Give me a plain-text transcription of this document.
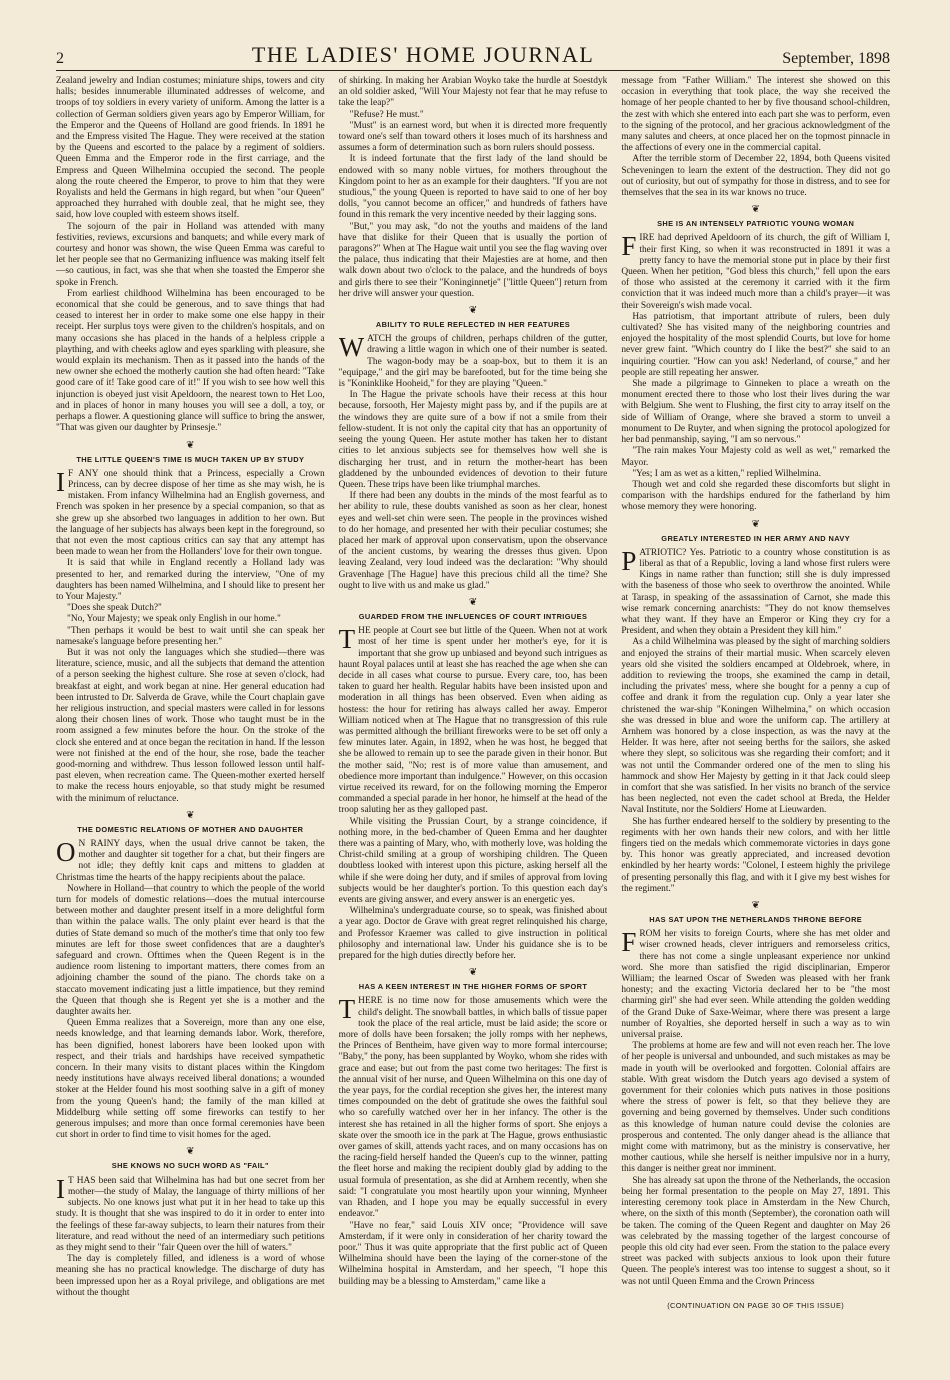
2	THE LADIES' HOME JOURNAL	September, 1898

Zealand jewelry and Indian costumes; miniature ships, towers and city halls; besides innumerable illuminated addresses of welcome, and troops of toy soldiers in every variety of uniform. Among the latter is a collection of German soldiers given years ago by Emperor William, for the Emperor and the Queens of Holland are good friends. In 1891 he and the Empress visited The Hague. They were received at the station by the Queens and escorted to the palace by a regiment of soldiers. Queen Emma and the Emperor rode in the first carriage, and the Empress and Queen Wilhelmina occupied the second. The people along the route cheered the Emperor, to prove to him that they were Royalists and held the Germans in high regard, but when "our Queen" approached they hurrahed with double zeal, that he might see, they said, how love coupled with esteem shows itself.

The sojourn of the pair in Holland was attended with many festivities, reviews, excursions and banquets; and while every mark of courtesy and honor was shown, the wise Queen Emma was careful to let her people see that no Germanizing influence was making itself felt—so cautious, in fact, was she that when she toasted the Emperor she spoke in French.

From earliest childhood Wilhelmina has been encouraged to be economical that she could be generous, and to save things that had ceased to interest her in order to make some one else happy in their receipt. Her surplus toys were given to the children's hospitals, and on many occasions she has placed in the hands of a helpless cripple a plaything, and with cheeks aglow and eyes sparkling with pleasure, she would explain its mechanism. Then as it passed into the hands of the new owner she echoed the motherly caution she had often heard: "Take good care of it! Take good care of it!" If you wish to see how well this injunction is obeyed just visit Apeldoorn, the nearest town to Het Loo, and in places of honor in many houses you will see a doll, a toy, or perhaps a flower. A questioning glance will suffice to bring the answer, "That was given our daughter by Prinsesje."

❦
THE LITTLE QUEEN'S TIME IS MUCH TAKEN UP BY STUDY

I F ANY one should think that a Princess, especially a Crown Princess, can by decree dispose of her time as she may wish, he is mistaken. From infancy Wilhelmina had an English governess, and French was spoken in her presence by a special companion, so that as she grew up she absorbed two languages in addition to her own. But the language of her subjects has always been kept in the foreground, so that not even the most captious critics can say that any attempt has been made to wean her from the Hollanders' love for their own tongue.

It is said that while in England recently a Holland lady was presented to her, and remarked during the interview, "One of my daughters has been named Wilhelmina, and I should like to present her to Your Majesty."

"Does she speak Dutch?"

"No, Your Majesty; we speak only English in our home."

"Then perhaps it would be best to wait until she can speak her namesake's language before presenting her."

But it was not only the languages which she studied—there was literature, science, music, and all the subjects that demand the attention of a person seeking the highest culture. She rose at seven o'clock, had breakfast at eight, and work began at nine. Her general education had been intrusted to Dr. Salverda de Grave, while the Court chaplain gave her religious instruction, and special masters were called in for lessons along their chosen lines of work. Those who taught must be in the room assigned a few minutes before the hour. On the stroke of the clock she entered and at once began the recitation in hand. If the lesson were not finished at the end of the hour, she rose, bade the teacher good-morning and withdrew. Thus lesson followed lesson until half-past eleven, when recreation came. The Queen-mother exerted herself to make the recess hours enjoyable, so that study might be resumed with the minimum of reluctance.

❦
THE DOMESTIC RELATIONS OF MOTHER AND DAUGHTER

O N RAINY days, when the usual drive cannot be taken, the mother and daughter sit together for a chat, but their fingers are not idle; they deftly knit caps and mittens to gladden at Christmas time the hearts of the happy recipients about the palace.

Nowhere in Holland—that country to which the people of the world turn for models of domestic relations—does the mutual intercourse between mother and daughter present itself in a more delightful form than within the palace walls. The only plaint ever heard is that the duties of State demand so much of the mother's time that only too few minutes are left for those sweet confidences that are a daughter's safeguard and crown. Ofttimes when the Queen Regent is in the audience room listening to important matters, there comes from an adjoining chamber the sound of the piano. The chords take on a staccato movement indicating just a little impatience, but they remind the Queen that though she is Regent yet she is a mother and the daughter awaits her.

Queen Emma realizes that a Sovereign, more than any one else, needs knowledge, and that learning demands labor. Work, therefore, has been dignified, honest laborers have been looked upon with respect, and their trials and hardships have received sympathetic concern. In their many visits to distant places within the Kingdom needy institutions have always received liberal donations; a wounded stoker at the Helder found his most soothing salve in a gift of money from the young Queen's hand; the family of the man killed at Middelburg while setting off some fireworks can testify to her generous impulses; and more than once formal ceremonies have been cut short in order to find time to visit homes for the aged.

❦
SHE KNOWS NO SUCH WORD AS "FAIL"

I T HAS been said that Wilhelmina has had but one secret from her mother—the study of Malay, the language of thirty millions of her subjects. No one knows just what put it in her head to take up this study. It is thought that she was inspired to do it in order to enter into the feelings of these far-away subjects, to learn their natures from their literature, and read without the need of an intermediary such petitions as they might send to their "fair Queen over the hill of waters."

The day is completely filled, and idleness is a word of whose meaning she has no practical knowledge. The discharge of duty has been impressed upon her as a Royal privilege, and obligations are met without the thought

of shirking. In making her Arabian Woyko take the hurdle at Soestdyk an old soldier asked, "Will Your Majesty not fear that he may refuse to take the leap?"

"Refuse? He must."

"Must" is an earnest word, but when it is directed more frequently toward one's self than toward others it loses much of its harshness and assumes a form of determination such as born rulers should possess.

It is indeed fortunate that the first lady of the land should be endowed with so many noble virtues, for mothers throughout the Kingdom point to her as an example for their daughters. "If you are not studious," the young Queen is reported to have said to one of her boy dolls, "you cannot become an officer," and hundreds of fathers have found in this remark the very incentive needed by their lagging sons.

"But," you may ask, "do not the youths and maidens of the land have that dislike for their Queen that is usually the portion of paragons?" When at The Hague wait until you see the flag waving over the palace, thus indicating that their Majesties are at home, and then walk down about two o'clock to the palace, and the hundreds of boys and girls there to see their "Koninginnetje" ["little Queen"] return from her drive will answer your question.

❦
ABILITY TO RULE REFLECTED IN HER FEATURES

WATCH the groups of children, perhaps children of the gutter, drawing a little wagon in which one of their number is seated. The wagon-body may be a soap-box, but to them it is an "equipage," and the girl may be barefooted, but for the time being she is "Koninklike Hooheid," for they are playing "Queen."

In The Hague the private schools have their recess at this hour because, forsooth, Her Majesty might pass by, and if the pupils are at the windows they are quite sure of a bow if not a smile from their fellow-student. It is not only the capital city that has an opportunity of seeing the young Queen. Her astute mother has taken her to distant cities to let anxious subjects see for themselves how well she is discharging her trust, and in return the mother-heart has been gladdened by the unbounded evidences of devotion to their future Queen. These trips have been like triumphal marches.

If there had been any doubts in the minds of the most fearful as to her ability to rule, these doubts vanished as soon as her clear, honest eyes and well-set chin were seen. The people in the provinces wished to do her homage, and presented her with their peculiar costumes; she placed her mark of approval upon conservatism, upon the observance of the ancient customs, by wearing the dresses thus given. Upon leaving Zealand, very loud indeed was the declaration: "Why should Gravenhage [The Hague] have this precious child all the time? She ought to live with us and make us glad."

❦
GUARDED FROM THE INFLUENCES OF COURT INTRIGUES

THE people at Court see but little of the Queen. When not at work most of her time is spent under her mother's eye, for it is important that she grow up unbiased and beyond such intrigues as haunt Royal palaces until at least she has reached the age when she can decide in all cases what course to pursue. Every care, too, has been taken to guard her health. Regular habits have been insisted upon and moderation in all things has been observed. Even when aiding as hostess: the hour for retiring has always called her away. Emperor William noticed when at The Hague that no transgression of this rule was permitted although the brilliant fireworks were to be set off only a few minutes later. Again, in 1892, when he was host, he begged that she be allowed to remain up to see the parade given in their honor. But the mother said, "No; rest is of more value than amusement, and obedience more important than indulgence." However, on this occasion virtue received its reward, for on the following morning the Emperor commanded a special parade in her honor, he himself at the head of the troop saluting her as they galloped past.

While visiting the Prussian Court, by a strange coincidence, if nothing more, in the bed-chamber of Queen Emma and her daughter there was a painting of Mary, who, with motherly love, was holding the Christ-child smiling at a group of worshiping children. The Queen doubtless looked with interest upon this picture, asking herself all the while if she were doing her duty, and if smiles of approval from loving subjects would be her daughter's portion. To this question each day's events are giving answer, and every answer is an energetic yes.

Wilhelmina's undergraduate course, so to speak, was finished about a year ago. Doctor de Grave with great regret relinquished his charge, and Professor Kraemer was called to give instruction in political philosophy and international law. Under his guidance she is to be prepared for the high duties directly before her.

❦
HAS A KEEN INTEREST IN THE HIGHER FORMS OF SPORT

THERE is no time now for those amusements which were the child's delight. The snowball battles, in which balls of tissue paper took the place of the real article, must be laid aside; the score or more of dolls have been forsaken; the jolly romps with her nephews, the Princes of Bentheim, have given way to more formal intercourse; "Baby," the pony, has been supplanted by Woyko, whom she rides with grace and ease; but out from the past come two heritages: The first is the annual visit of her nurse, and Queen Wilhelmina on this one day of the year pays, for the cordial reception she gives her, the interest many times compounded on the debt of gratitude she owes the faithful soul who so carefully watched over her in her infancy. The other is the interest she has retained in all the higher forms of sport. She enjoys a skate over the smooth ice in the park at The Hague, grows enthusiastic over games of skill, attends yacht races, and on many occasions has on the racing-field herself handed the Queen's cup to the winner, patting the fleet horse and making the recipient doubly glad by adding to the usual formula of presentation, as she did at Arnhem recently, when she said: "I congratulate you most heartily upon your winning, Mynheer van Rhaden, and I hope you may be equally successful in every endeavor."

"Have no fear," said Louis XIV once; "Providence will save Amsterdam, if it were only in consideration of her charity toward the poor." Thus it was quite appropriate that the first public act of Queen Wilhelmina should have been the laying of the corner-stone of the Wilhelmina hospital in Amsterdam, and her speech, "I hope this building may be a blessing to Amsterdam," came like a

message from "Father William." The interest she showed on this occasion in everything that took place, the way she received the homage of her people chanted to her by five thousand school-children, the zest with which she entered into each part she was to perform, even to the signing of the protocol, and her gracious acknowledgment of the many salutes and cheers, at once placed her on the topmost pinnacle in the affections of every one in the commercial capital.

After the terrible storm of December 22, 1894, both Queens visited Scheveningen to learn the extent of the destruction. They did not go out of curiosity, but out of sympathy for those in distress, and to see for themselves that the sea in its war knows no truce.

❦
SHE IS AN INTENSELY PATRIOTIC YOUNG WOMAN

FIRE had deprived Apeldoorn of its church, the gift of William I, their first King, so when it was reconstructed in 1891 it was a pretty fancy to have the memorial stone put in place by their first Queen. When her petition, "God bless this church," fell upon the ears of those who assisted at the ceremony it carried with it the firm conviction that it was indeed much more than a child's prayer—it was their Sovereign's wish made vocal.

Has patriotism, that important attribute of rulers, been duly cultivated? She has visited many of the neighboring countries and enjoyed the hospitality of the most splendid Courts, but love for home never grew faint. "Which country do I like the best?" she said to an inquiring courtier. "How can you ask! Nederland, of course," and her people are still repeating her answer.

She made a pilgrimage to Ginneken to place a wreath on the monument erected there to those who lost their lives during the war with Belgium. She went to Flushing, the first city to array itself on the side of William of Orange, where she braved a storm to unveil a monument to De Ruyter, and when signing the protocol apologized for her bad penmanship, saying, "I am so nervous."

"The rain makes Your Majesty cold as well as wet," remarked the Mayor.

"Yes; I am as wet as a kitten," replied Wilhelmina.

Though wet and cold she regarded these discomforts but slight in comparison with the hardships endured for the fatherland by him whose memory they were honoring.

❦
GREATLY INTERESTED IN HER ARMY AND NAVY

PATRIOTIC? Yes. Patriotic to a country whose constitution is as liberal as that of a Republic, loving a land whose first rulers were Kings in name rather than function; still she is duly impressed with the baseness of those who seek to overthrow the anointed. While at Tarasp, in speaking of the assassination of Carnot, she made this wise remark concerning anarchists: "They do not know themselves what they want. If they have an Emperor or King they cry for a President, and when they obtain a President they kill him."

As a child Wilhelmina was pleased by the sight of marching soldiers and enjoyed the strains of their martial music. When scarcely eleven years old she visited the soldiers encamped at Oldebroek, where, in addition to reviewing the troops, she examined the camp in detail, including the privates' mess, where she bought for a penny a cup of coffee and drank it from the regulation cup. Only a year later she christened the war-ship "Koningen Wilhelmina," on which occasion she was dressed in blue and wore the uniform cap. The artillery at Arnhem was honored by a close inspection, as was the navy at the Helder. It was here, after not seeing berths for the sailors, she asked where they slept, so solicitous was she regarding their comfort; and it was not until the Commander ordered one of the men to sling his hammock and show Her Majesty by getting in it that Jack could sleep in comfort that she was satisfied. In her visits no branch of the service has been neglected, not even the cadet school at Breda, the Helder Naval Institute, nor the Soldiers' Home at Lieuwarden.

She has further endeared herself to the soldiery by presenting to the regiments with her own hands their new colors, and with her little fingers tied on the medals which commemorate victories in days gone by. This honor was greatly appreciated, and increased devotion enkindled by her hearty words: "Colonel, I esteem highly the privilege of presenting personally this flag, and with it I give my best wishes for the regiment."

❦
HAS SAT UPON THE NETHERLANDS THRONE BEFORE

FROM her visits to foreign Courts, where she has met older and wiser crowned heads, clever intriguers and remorseless critics, there has not come a single unpleasant experience nor unkind word. She more than satisfied the rigid disciplinarian, Emperor William; the learned Oscar of Sweden was pleased with her frank honesty; and the exacting Victoria declared her to be "the most charming girl" she had ever seen. While attending the golden wedding of the Grand Duke of Saxe-Weimar, where there was present a large number of Royalties, she deported herself in such a way as to win universal praise.

The problems at home are few and will not even reach her. The love of her people is universal and unbounded, and such mistakes as may be made in youth will be overlooked and forgotten. Colonial affairs are stable. With great wisdom the Dutch years ago devised a system of government for their colonies which puts natives in those positions where the stress of power is felt, so that they believe they are governing and being governed by themselves. Under such conditions as this knowledge of human nature could devise the colonies are prosperous and contented. The only danger ahead is the alliance that might come with matrimony, but as the ministry is conservative, her mother cautious, while she herself is neither impulsive nor in a hurry, this danger is neither great nor imminent.

She has already sat upon the throne of the Netherlands, the occasion being her formal presentation to the people on May 27, 1891. This interesting ceremony took place in Amsterdam in the New Church, where, on the sixth of this month (September), the coronation oath will be taken. The coming of the Queen Regent and daughter on May 26 was celebrated by the massing together of the largest concourse of people this old city had ever seen. From the station to the palace every street was packed with subjects anxious to look upon their future Queen. The people's interest was too intense to suggest a shout, so it was not until Queen Emma and the Crown Princess

(CONTINUATION ON PAGE 30 OF THIS ISSUE)
